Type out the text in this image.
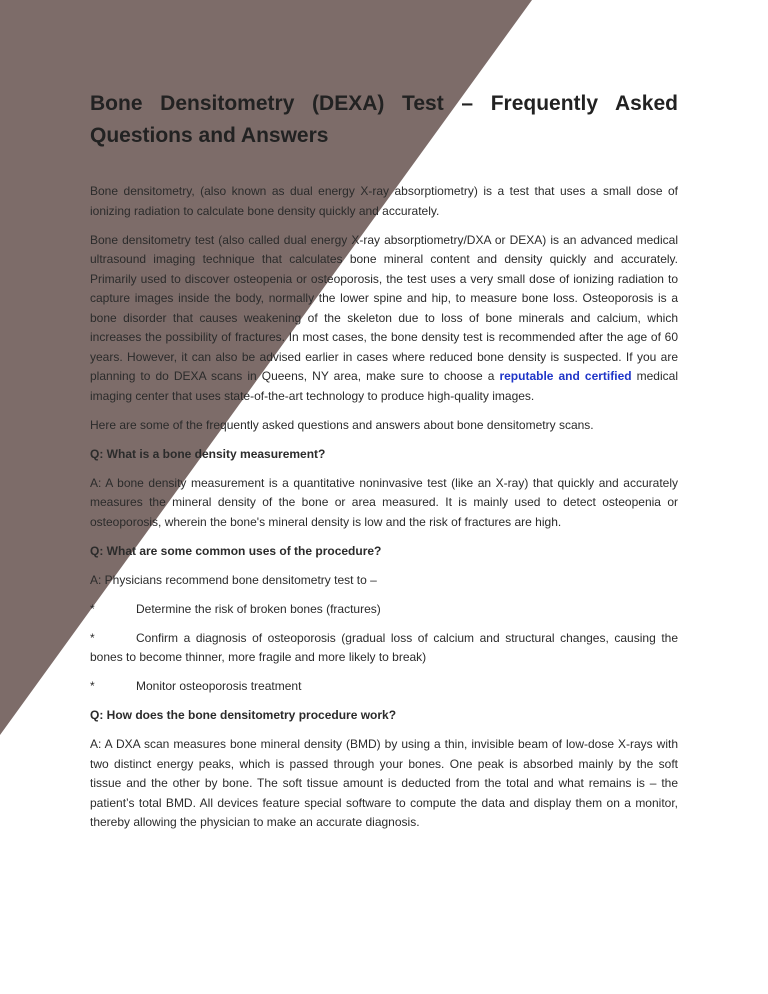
Bone Densitometry (DEXA) Test – Frequently Asked Questions and Answers

Bone densitometry, (also known as dual energy X-ray absorptiometry) is a test that uses a small dose of ionizing radiation to calculate bone density quickly and accurately.

Bone densitometry test (also called dual energy X-ray absorptiometry/DXA or DEXA) is an advanced medical ultrasound imaging technique that calculates bone mineral content and density quickly and accurately. Primarily used to discover osteopenia or osteoporosis, the test uses a very small dose of ionizing radiation to capture images inside the body, normally the lower spine and hip, to measure bone loss. Osteoporosis is a bone disorder that causes weakening of the skeleton due to loss of bone minerals and calcium, which increases the possibility of fractures. In most cases, the bone density test is recommended after the age of 60 years. However, it can also be advised earlier in cases where reduced bone density is suspected. If you are planning to do DEXA scans in Queens, NY area, make sure to choose a reputable and certified medical imaging center that uses state-of-the-art technology to produce high-quality images.

Here are some of the frequently asked questions and answers about bone densitometry scans.

Q: What is a bone density measurement?

A: A bone density measurement is a quantitative noninvasive test (like an X-ray) that quickly and accurately measures the mineral density of the bone or area measured. It is mainly used to detect osteopenia or osteoporosis, wherein the bone's mineral density is low and the risk of fractures are high.

Q: What are some common uses of the procedure?

A: Physicians recommend bone densitometry test to –

*	Determine the risk of broken bones (fractures)

*	Confirm a diagnosis of osteoporosis (gradual loss of calcium and structural changes, causing the bones to become thinner, more fragile and more likely to break)

*	Monitor osteoporosis treatment

Q: How does the bone densitometry procedure work?

A: A DXA scan measures bone mineral density (BMD) by using a thin, invisible beam of low-dose X-rays with two distinct energy peaks, which is passed through your bones. One peak is absorbed mainly by the soft tissue and the other by bone. The soft tissue amount is deducted from the total and what remains is – the patient’s total BMD. All devices feature special software to compute the data and display them on a monitor, thereby allowing the physician to make an accurate diagnosis.
